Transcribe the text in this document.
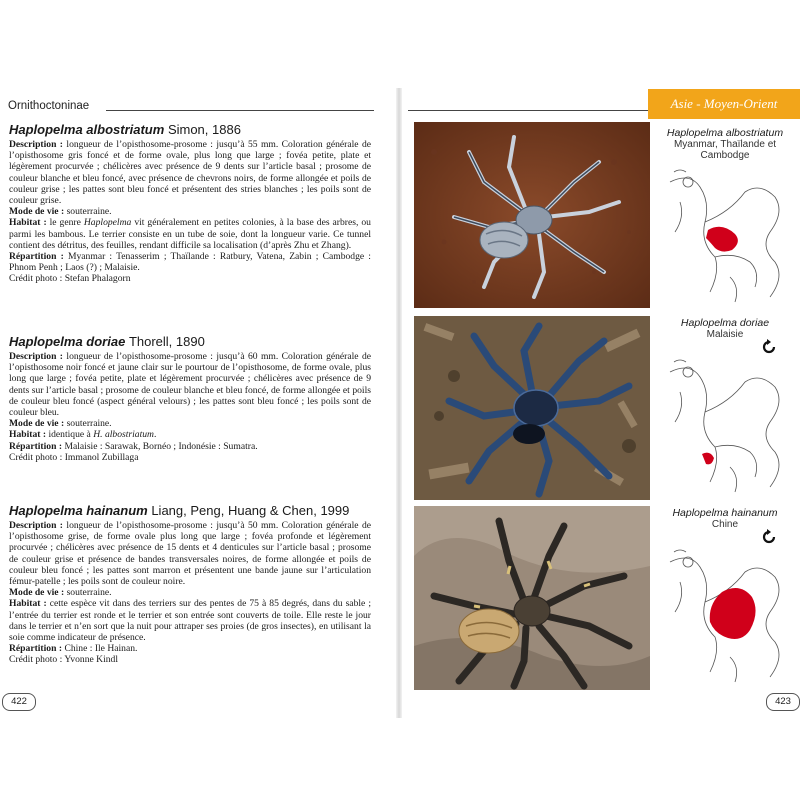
Ornithoctoninae	Asie - Moyen-Orient
Haplopelma albostriatum Simon, 1886

Description : longueur de l’opisthosome-prosome : jusqu’à 55 mm. Coloration générale de l’opisthosome gris foncé et de forme ovale, plus long que large ; fovéa petite, plate et légèrement procurvée ; chélicères avec présence de 9 dents sur l’article basal ; prosome de couleur blanche et bleu foncé, avec présence de chevrons noirs, de forme allongée et poils de couleur grise ; les pattes sont bleu foncé et présentent des stries blanches ; les poils sont de couleur grise.

Mode de vie : souterraine.

Habitat : le genre Haplopelma vit généralement en petites colonies, à la base des arbres, ou parmi les bambous. Le terrier consiste en un tube de soie, dont la longueur varie. Ce tunnel contient des détritus, des feuilles, rendant difficile sa localisation (d’après Zhu et Zhang).

Répartition : Myanmar : Tenasserim ; Thaïlande : Ratbury, Vatena, Zabin ; Cambodge : Phnom Penh ; Laos (?) ; Malaisie.

Crédit photo : Stefan Phalagorn

Haplopelma doriae Thorell, 1890

Description : longueur de l’opisthosome-prosome : jusqu’à 60 mm. Coloration générale de l’opisthosome noir foncé et jaune clair sur le pourtour de l’opisthosome, de forme ovale, plus long que large ; fovéa petite, plate et légèrement procurvée ; chélicères avec présence de 9 dents sur l’article basal ; prosome de couleur blanche et bleu foncé, de forme allongée et poils de couleur bleu foncé (aspect général velours) ; les pattes sont bleu foncé ; les poils sont de couleur bleu.

Mode de vie : souterraine.

Habitat : identique à H. albostriatum.

Répartition : Malaisie : Sarawak, Bornéo ; Indonésie : Sumatra.

Crédit photo : Immanol Zubillaga

Haplopelma hainanum Liang, Peng, Huang & Chen, 1999

Description : longueur de l’opisthosome-prosome : jusqu’à 50 mm. Coloration générale de l’opisthosome grise, de forme ovale plus long que large ; fovéa profonde et légèrement procurvée ; chélicères avec présence de 15 dents et 4 denticules sur l’article basal ; prosome de couleur grise et présence de bandes transversales noires, de forme allongée et poils de couleur bleu foncé ; les pattes sont marron et présentent une bande jaune sur l’articulation fémur-patelle ; les poils sont de couleur noire.

Mode de vie : souterraine.

Habitat : cette espèce vit dans des terriers sur des pentes de 75 à 85 degrés, dans du sable ; l’entrée du terrier est ronde et le terrier et son entrée sont couverts de toile. Elle reste le jour dans le terrier et n’en sort que la nuit pour attraper ses proies (de gros insectes), en utilisant la soie comme indicateur de présence.

Répartition : Chine : Ile Hainan.

Crédit photo : Yvonne Kindl

Haplopelma albostriatum
Myanmar, Thaïlande et Cambodge
Haplopelma doriae
Malaisie
Haplopelma hainanum
Chine
422	423
